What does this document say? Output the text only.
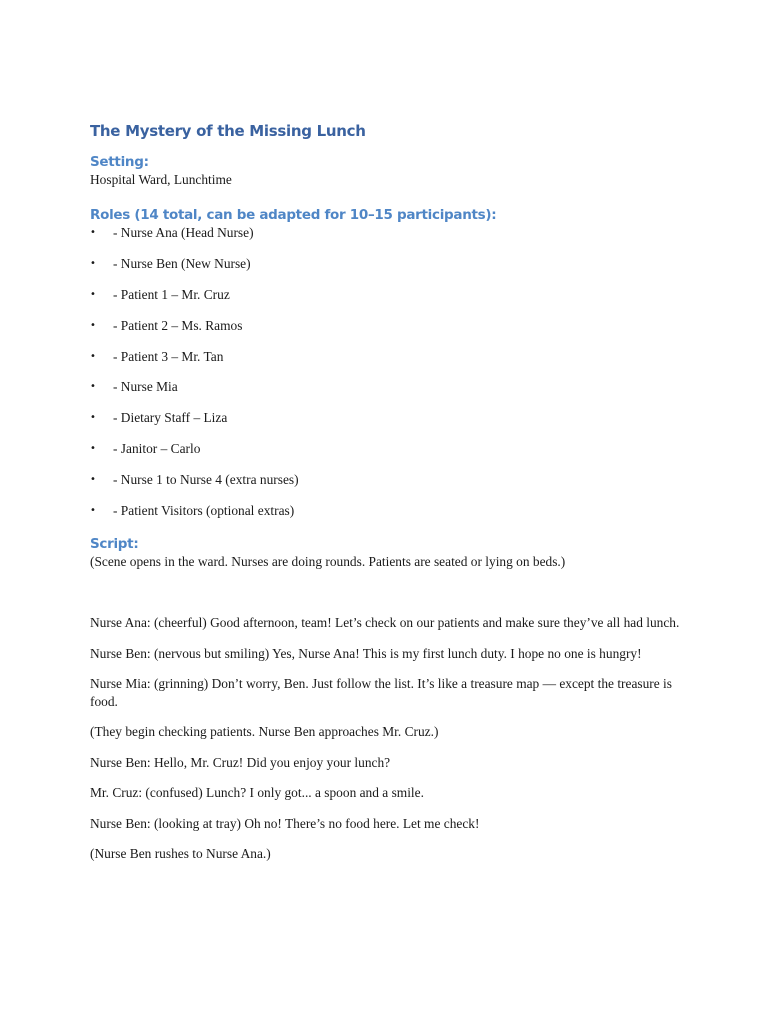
The Mystery of the Missing Lunch
Setting:

Hospital Ward, Lunchtime

Roles (14 total, can be adapted for 10–15 participants):
• - Nurse Ana (Head Nurse)
• - Nurse Ben (New Nurse)
• - Patient 1 – Mr. Cruz
• - Patient 2 – Ms. Ramos
• - Patient 3 – Mr. Tan
• - Nurse Mia
• - Dietary Staff – Liza
• - Janitor – Carlo
• - Nurse 1 to Nurse 4 (extra nurses)
• - Patient Visitors (optional extras)
Script:

(Scene opens in the ward. Nurses are doing rounds. Patients are seated or lying on beds.)

Nurse Ana: (cheerful) Good afternoon, team! Let’s check on our patients and make sure they’ve all had lunch.

Nurse Ben: (nervous but smiling) Yes, Nurse Ana! This is my first lunch duty. I hope no one is hungry!

Nurse Mia: (grinning) Don’t worry, Ben. Just follow the list. It’s like a treasure map — except the treasure is food.

(They begin checking patients. Nurse Ben approaches Mr. Cruz.)

Nurse Ben: Hello, Mr. Cruz! Did you enjoy your lunch?

Mr. Cruz: (confused) Lunch? I only got... a spoon and a smile.

Nurse Ben: (looking at tray) Oh no! There’s no food here. Let me check!

(Nurse Ben rushes to Nurse Ana.)
